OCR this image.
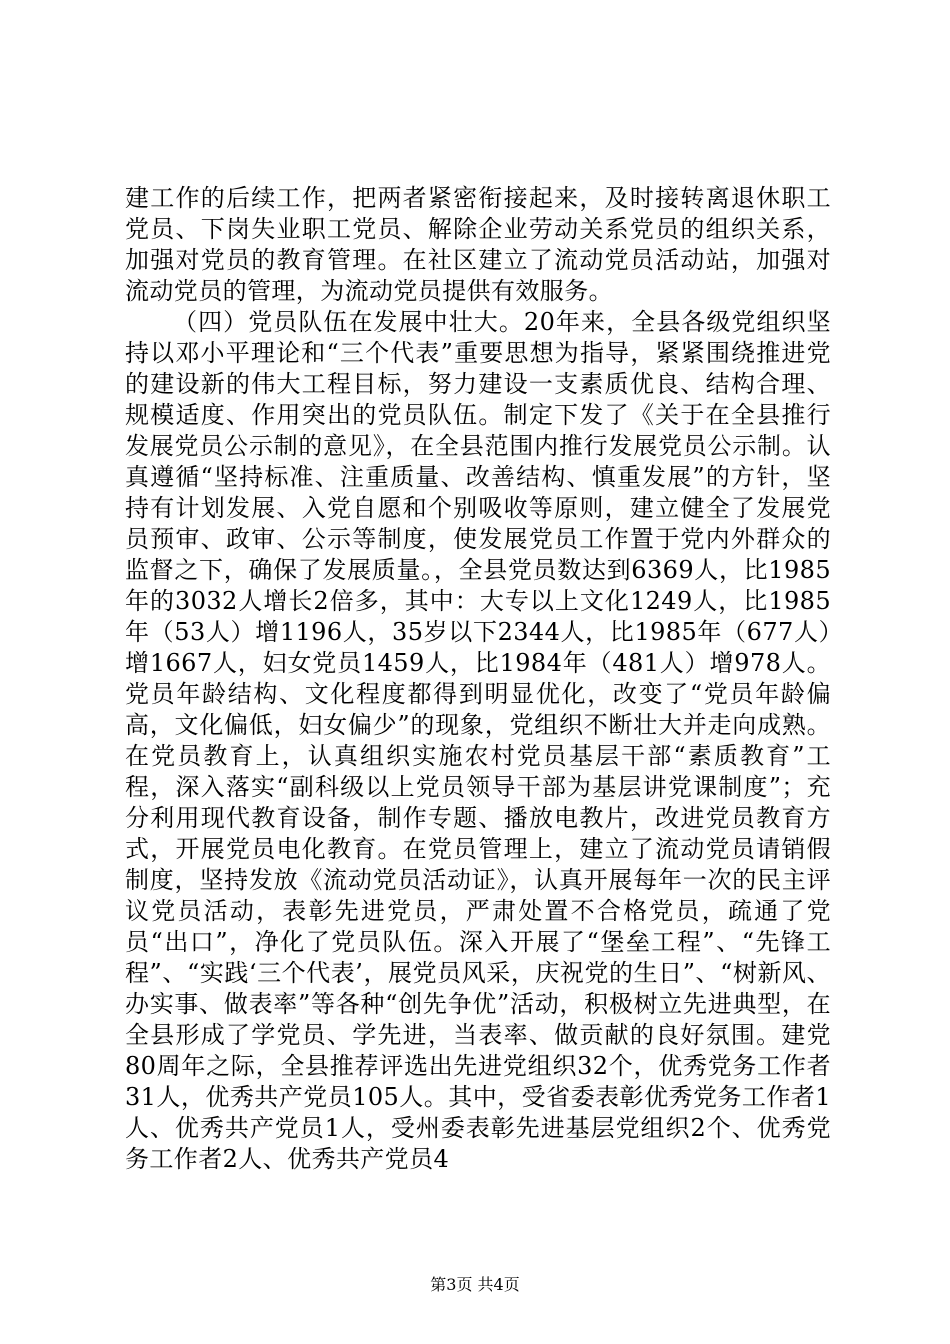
建工作的后续工作，把两者紧密衔接起来，及时接转离退休职工党员、下岗失业职工党员、解除企业劳动关系党员的组织关系，加强对党员的教育管理。在社区建立了流动党员活动站，加强对流动党员的管理，为流动党员提供有效服务。

（四）党员队伍在发展中壮大。20年来，全县各级党组织坚持以邓小平理论和“三个代表”重要思想为指导，紧紧围绕推进党的建设新的伟大工程目标，努力建设一支素质优良、结构合理、规模适度、作用突出的党员队伍。制定下发了《关于在全县推行发展党员公示制的意见》，在全县范围内推行发展党员公示制。认真遵循“坚持标准、注重质量、改善结构、慎重发展”的方针，坚持有计划发展、入党自愿和个别吸收等原则，建立健全了发展党员预审、政审、公示等制度，使发展党员工作置于党内外群众的监督之下，确保了发展质量。，全县党员数达到6369人，比1985年的3032人增长2倍多，其中：大专以上文化1249人，比1985年（53人）增1196人，35岁以下2344人，比1985年（677人）增1667人，妇女党员1459人，比1984年（481人）增978人。党员年龄结构、文化程度都得到明显优化，改变了“党员年龄偏高，文化偏低，妇女偏少”的现象，党组织不断壮大并走向成熟。在党员教育上，认真组织实施农村党员基层干部“素质教育”工程，深入落实“副科级以上党员领导干部为基层讲党课制度”；充分利用现代教育设备，制作专题、播放电教片，改进党员教育方式，开展党员电化教育。在党员管理上，建立了流动党员请销假制度，坚持发放《流动党员活动证》，认真开展每年一次的民主评议党员活动，表彰先进党员，严肃处置不合格党员，疏通了党员“出口”，净化了党员队伍。深入开展了“堡垒工程”、“先锋工程”、“实践‘三个代表’，展党员风采，庆祝党的生日”、“树新风、办实事、做表率”等各种“创先争优”活动，积极树立先进典型，在全县形成了学党员、学先进，当表率、做贡献的良好氛围。建党80周年之际，全县推荐评选出先进党组织32个，优秀党务工作者31人，优秀共产党员105人。其中，受省委表彰优秀党务工作者1人、优秀共产党员1人，受州委表彰先进基层党组织2个、优秀党务工作者2人、优秀共产党员4

第3页 共4页
